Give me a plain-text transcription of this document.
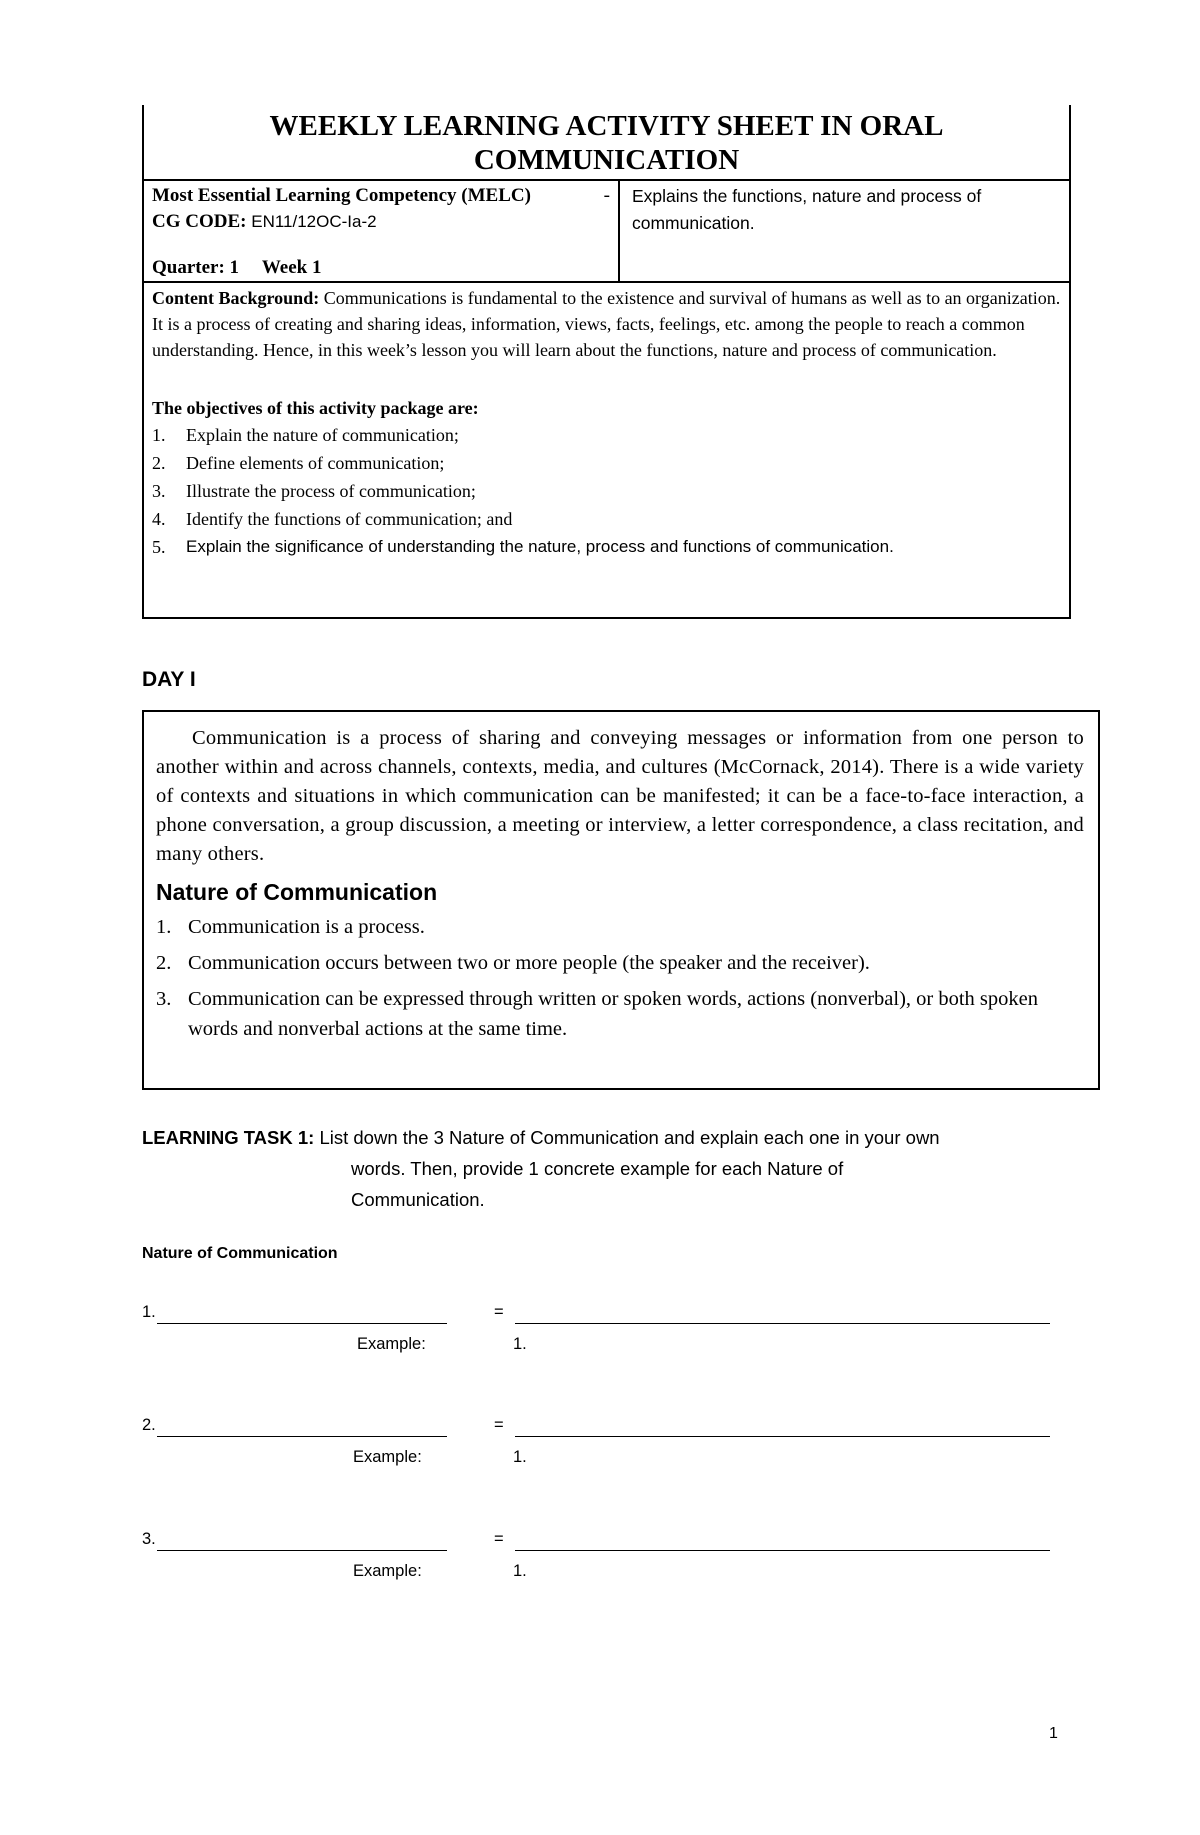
WEEKLY LEARNING ACTIVITY SHEET IN ORAL
COMMUNICATION
Most Essential Learning Competency (MELC)	-
CG CODE: EN11/12OC-Ia-2
Quarter: 1 Week 1
Explains the functions, nature and process of communication.
Content Background: Communications is fundamental to the existence and survival of humans as well as to an organization. It is a process of creating and sharing ideas, information, views, facts, feelings, etc. among the people to reach a common understanding. Hence, in this week’s lesson you will learn about the functions, nature and process of communication.
The objectives of this activity package are:
1.	Explain the nature of communication;
2.	Define elements of communication;
3.	Illustrate the process of communication;
4.	Identify the functions of communication; and
5.	Explain the significance of understanding the nature, process and functions of communication.
DAY I

Communication is a process of sharing and conveying messages or information from one person to another within and across channels, contexts, media, and cultures (McCornack, 2014). There is a wide variety of contexts and situations in which communication can be manifested; it can be a face-to-face interaction, a phone conversation, a group discussion, a meeting or interview, a letter correspondence, a class recitation, and many others.

Nature of Communication
1. Communication is a process.
2. Communication occurs between two or more people (the speaker and the receiver).
3. Communication can be expressed through written or spoken words, actions (nonverbal), or both spoken words and nonverbal actions at the same time.
LEARNING TASK 1: List down the 3 Nature of Communication and explain each one in your own
words. Then, provide 1 concrete example for each Nature of
Communication.
Nature of Communication
1.	=
Example:	1.
2.	=
Example:	1.
3.	=
Example:	1.
1
